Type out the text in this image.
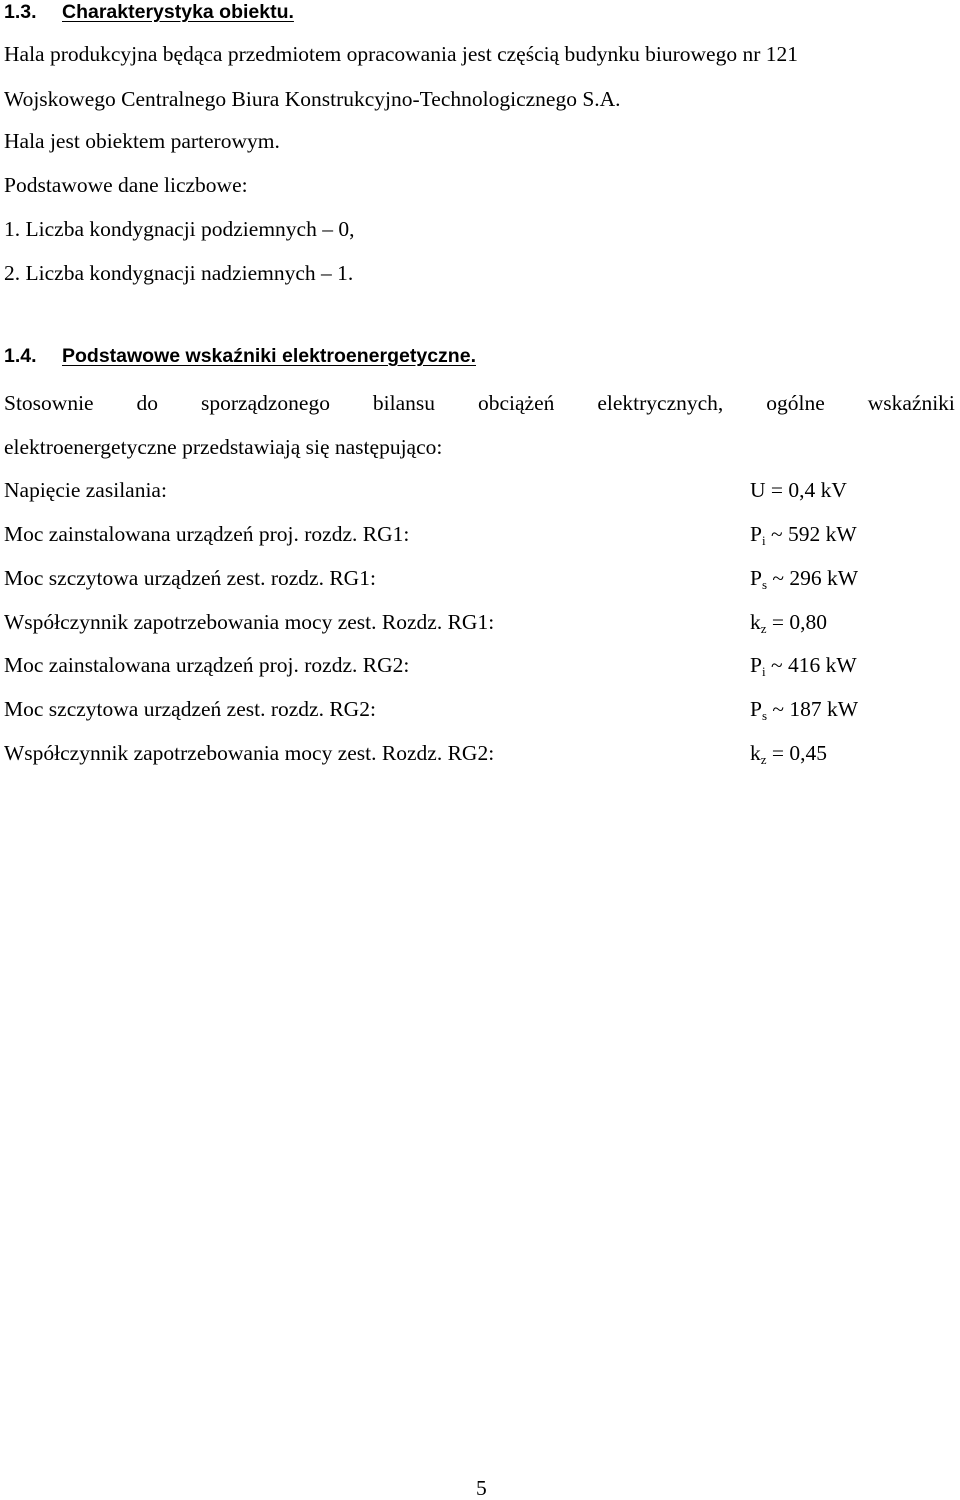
1.3. Charakterystyka obiektu.
Hala produkcyjna będąca przedmiotem opracowania jest częścią budynku biurowego nr 121
Wojskowego Centralnego Biura Konstrukcyjno-Technologicznego S.A.
Hala jest obiektem parterowym.
Podstawowe dane liczbowe:
1. Liczba kondygnacji podziemnych – 0,
2. Liczba kondygnacji nadziemnych – 1.
1.4. Podstawowe wskaźniki elektroenergetyczne.
Stosownie do sporządzonego bilansu obciążeń elektrycznych, ogólne wskaźniki
elektroenergetyczne przedstawiają się następująco:
Napięcie zasilania:	U = 0,4 kV
Moc zainstalowana urządzeń proj. rozdz. RG1:	$P_i$ ~ 592 kW
Moc szczytowa urządzeń zest. rozdz. RG1:	$P_s$ ~ 296 kW
Współczynnik zapotrzebowania mocy zest. Rozdz. RG1:	$k_z = 0,80$
Moc zainstalowana urządzeń proj. rozdz. RG2:	$P_i$ ~ 416 kW
Moc szczytowa urządzeń zest. rozdz. RG2:	$P_s$ ~ 187 kW
Współczynnik zapotrzebowania mocy zest. Rozdz. RG2:	$k_z = 0,45$
5
